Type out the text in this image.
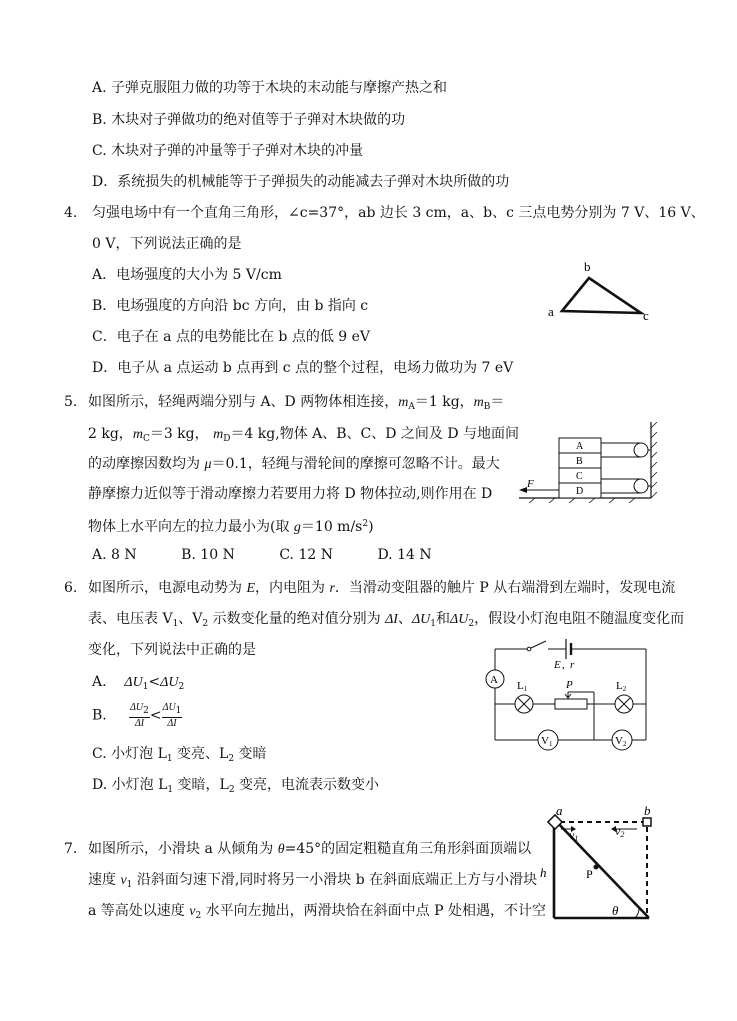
A. 子弹克服阻力做的功等于木块的末动能与摩擦产热之和
B. 木块对子弹做功的绝对值等于子弹对木块做的功
C. 木块对子弹的冲量等于子弹对木块的冲量
D．系统损失的机械能等于子弹损失的动能减去子弹对木块所做的功
4. 匀强电场中有一个直角三角形，∠c=37°，ab 边长 3 cm，a、b、c 三点电势分别为 7 V、16 V、
0 V，下列说法正确的是
A．电场强度的大小为 5 V/cm
B．电场强度的方向沿 bc 方向，由 b 指向 c
C．电子在 a 点的电势能比在 b 点的低 9 eV
D．电子从 a 点运动 b 点再到 c 点的整个过程，电场力做功为 7 eV
b
a	c
5. 如图所示，轻绳两端分别与 A、D 两物体相连接，$m_A=1$ kg，$m_B=$
2 kg，$m_C=3$ kg， $m_D=4$ kg,物体 A、B、C、D 之间及 D 与地面间
的动摩擦因数均为 μ＝0.1，轻绳与滑轮间的摩擦可忽略不计。最大
静摩擦力近似等于滑动摩擦力若要用力将 D 物体拉动,则作用在 D
物体上水平向左的拉力最小为(取 g＝10 $m/s^2$)
A. 8 N          B. 10 N          C. 12 N          D. 14 N
A
B
C
D
F
6. 如图所示，电源电动势为 E，内电阻为 r．当滑动变阻器的触片 P 从右端滑到左端时，发现电流
表、电压表 $V_1$、$V_2$ 示数变化量的绝对值分别为 ΔI、$\Delta U_1$和$\Delta U_2$，假设小灯泡电阻不随温度变化而
变化，下列说法中正确的是
A. $\Delta U_1<\Delta U_2$
B. $\frac{\Delta U_2}{\Delta I} < \frac{\Delta U_1}{\Delta I}$
C. 小灯泡 $L_1$ 变亮、$L_2$ 变暗
D. 小灯泡 $L_1$ 变暗，$L_2$ 变亮，电流表示数变小
A
E , r
L1	P	L2
V1	V2
7. 如图所示，小滑块 a 从倾角为 θ=45°的固定粗糙直角三角形斜面顶端以
速度 $v_1$ 沿斜面匀速下滑,同时将另一小滑块 b 在斜面底端正上方与小滑块
a 等高处以速度 $v_2$ 水平向左抛出，两滑块恰在斜面中点 P 处相遇，不计空
a	b
v1
v2
h	P
θ
